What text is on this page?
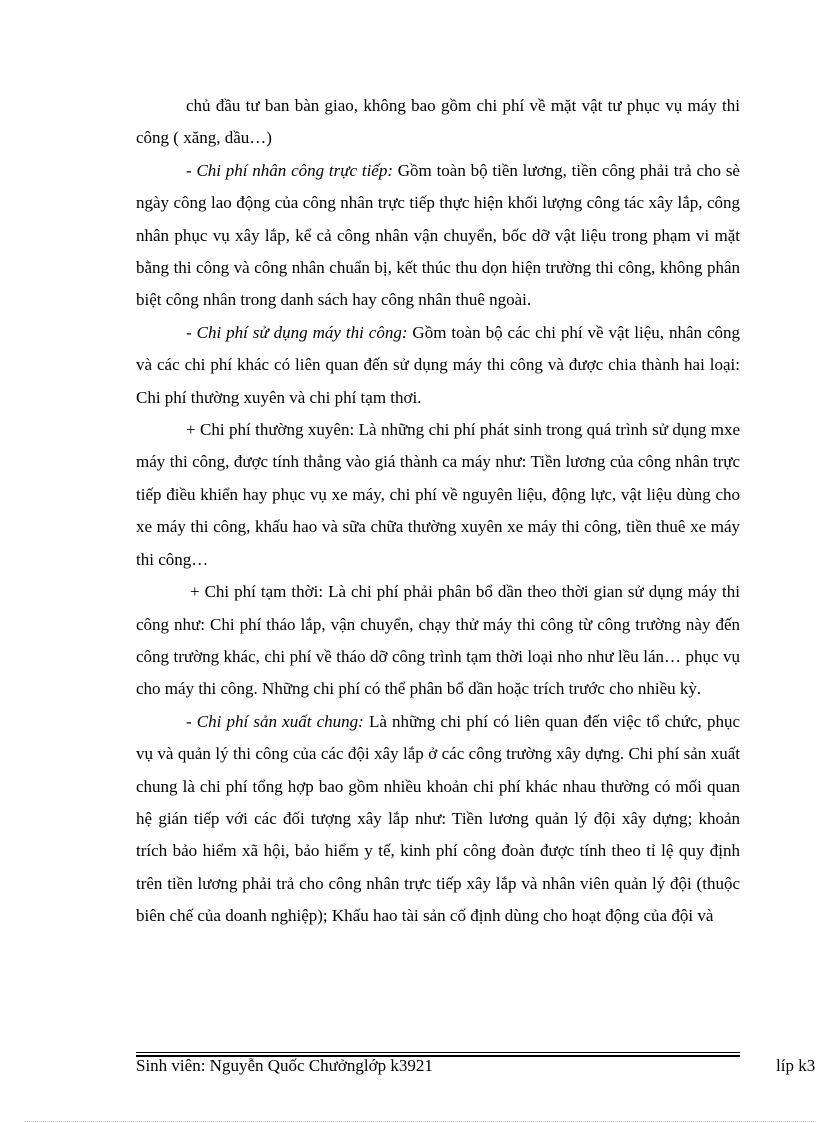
chủ đầu tư ban bàn giao, không bao gồm chi phí về mặt vật tư phục vụ máy thi công ( xăng, dầu…)

- Chi phí nhân công trực tiếp: Gồm toàn bộ tiền lương, tiền công phải trả cho sè ngày công lao động của công nhân trực tiếp thực hiện khối lượng công tác xây lắp, công nhân phục vụ xây lắp, kể cả công nhân vận chuyển, bốc dỡ vật liệu trong phạm vi mặt bằng thi công và công nhân chuẩn bị, kết thúc thu dọn hiện trường thi công, không phân biệt công nhân trong danh sách hay công nhân thuê ngoài.

- Chi phí sử dụng máy thi công: Gồm toàn bộ các chi phí về vật liệu, nhân công và các chi phí khác có liên quan đến sử dụng máy thi công và được chia thành hai loại: Chi phí thường xuyên và chi phí tạm thơi.

+ Chi phí thường xuyên: Là những chi phí phát sinh trong quá trình sử dụng mxe máy thi công, được tính thẳng vào giá thành ca máy như: Tiền lương của công nhân trực tiếp điều khiển hay phục vụ xe máy, chi phí về nguyên liệu, động lực, vật liệu dùng cho xe máy thi công, khấu hao và sữa chữa thường xuyên xe máy thi công, tiền thuê xe máy thi công…

+ Chi phí tạm thời: Là chi phí phải phân bổ dần theo thời gian sử dụng máy thi công như: Chi phí tháo lắp, vận chuyển, chạy thử máy thi công từ công trường này đến công trường khác, chi phí về tháo dỡ công trình tạm thời loại nho như lều lán… phục vụ cho máy thi công. Những chi phí có thể phân bổ dần hoặc trích trước cho nhiều kỳ.

- Chi phí sản xuất chung: Là những chi phí có liên quan đến việc tổ chức, phục vụ và quản lý thi công của các đội xây lắp ở các công trường xây dựng. Chi phí sản xuất chung là chi phí tổng hợp bao gồm nhiều khoản chi phí khác nhau thường có mối quan hệ gián tiếp với các đối tượng xây lắp như: Tiền lương quản lý đội xây dựng; khoản trích bảo hiểm xã hội, bảo hiểm y tế, kinh phí công đoàn được tính theo tỉ lệ quy định trên tiền lương phải trả cho công nhân trực tiếp xây lắp và nhân viên quản lý đội (thuộc biên chế của doanh nghiệp); Khấu hao tài sản cố định dùng cho hoạt động của đội và

Sinh viên: Nguyễn Quốc Chưởnglớp k3921	líp k3
